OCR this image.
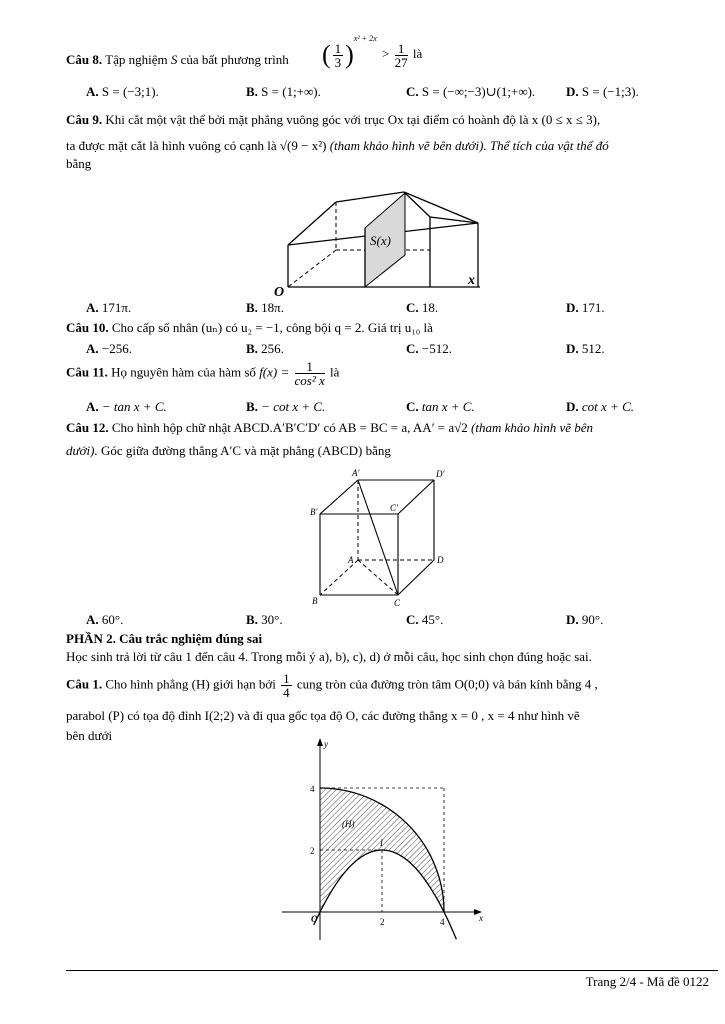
Câu 8. Tập nghiệm S của bất phương trình ( $\frac{1}{3} )^{x^2 + 2x} > \frac{1}{27}$ là
A. S = (−3;1).	B. S = (1;+∞).	C. S = (−∞;−3)∪(1;+∞). D. S = (−1;3).
Câu 9. Khi cắt một vật thể bởi mặt phẳng vuông góc với trục Ox tại điểm có hoành độ là x (0 ≤ x ≤ 3),
ta được mặt cắt là hình vuông có cạnh là √(9 − x²) (tham khảo hình vẽ bên dưới). Thể tích của vật thể đó
bằng
S(x)
O
x
A. 171π.	B. 18π.	C. 18.	D. 171.
Câu 10. Cho cấp số nhân (uₙ) có u₂ = −1, công bội q = 2. Giá trị u₁₀ là
A. −256.	B. 256.	C. −512.	D. 512.
Câu 11. Họ nguyên hàm của hàm số $f(x) = \frac{1}{\text{cos² x}}$ là
A. − tan x + C.	B. − cot x + C.	C. tan x + C.	D. cot x + C.
Câu 12. Cho hình hộp chữ nhật ABCD.A′B′C′D′ có AB = BC = a, AA′ = a√2 (tham khảo hình vẽ bên
dưới). Góc giữa đường thẳng A′C và mặt phẳng (ABCD) bằng
A'	D'
B'	C'
A	D
B	C
A. 60°.	B. 30°.	C. 45°.	D. 90°.
PHẦN 2. Câu trắc nghiệm đúng sai
Học sinh trả lời từ câu 1 đến câu 4. Trong mỗi ý a), b), c), d) ở mỗi câu, học sinh chọn đúng hoặc sai.
Câu 1. Cho hình phẳng (H) giới hạn bởi $\frac{1}{4}$ cung tròn của đường tròn tâm O(0;0) và bán kính bằng 4 ,
parabol (P) có tọa độ đỉnh I(2;2) và đi qua gốc tọa độ O, các đường thẳng x = 0 , x = 4 như hình vẽ
bên dưới
y
x
O
4
2
2	4
I
(H)
Trang 2/4 - Mã đề 0122
